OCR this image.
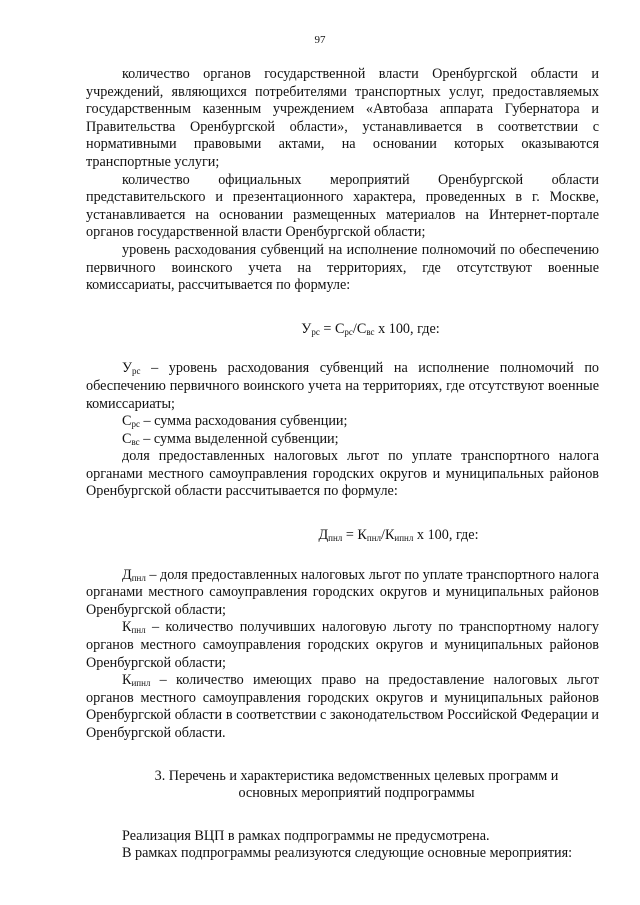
97

количество органов государственной власти Оренбургской области и учреждений, являющихся потребителями транспортных услуг, предоставляемых государственным казенным учреждением «Автобаза аппарата Губернатора и Правительства Оренбургской области», устанавливается в соответствии с нормативными правовыми актами, на основании которых оказываются транспортные услуги;

количество официальных мероприятий Оренбургской области представительского и презентационного характера, проведенных в г. Москве, устанавливается на основании размещенных материалов на Интернет-портале органов государственной власти Оренбургской области;

уровень расходования субвенций на исполнение полномочий по обеспечению первичного воинского учета на территориях, где отсутствуют военные комиссариаты, рассчитывается по формуле:

$У_{рс} = С_{рс}/С_{вс}$ х 100, где:

$У_{рс}$ – уровень расходования субвенций на исполнение полномочий по обеспечению первичного воинского учета на территориях, где отсутствуют военные комиссариаты;

$С_{рс}$ – сумма расходования субвенции;

$С_{вс}$ – сумма выделенной субвенции;

доля предоставленных налоговых льгот по уплате транспортного налога органами местного самоуправления городских округов и муниципальных районов Оренбургской области рассчитывается по формуле:

$Д_{пнл} = К_{пнл}/К_{ипнл}$ х 100, где:

$Д_{пнл}$ – доля предоставленных налоговых льгот по уплате транспортного налога органами местного самоуправления городских округов и муниципальных районов Оренбургской области;

$К_{пнл}$ – количество получивших налоговую льготу по транспортному налогу органов местного самоуправления городских округов и муниципальных районов Оренбургской области;

$К_{ипнл}$ – количество имеющих право на предоставление налоговых льгот органов местного самоуправления городских округов и муниципальных районов Оренбургской области в соответствии с законодательством Российской Федерации и Оренбургской области.

3. Перечень и характеристика ведомственных целевых программ и
основных мероприятий подпрограммы

Реализация ВЦП в рамках подпрограммы не предусмотрена.

В рамках подпрограммы реализуются следующие основные мероприятия:
